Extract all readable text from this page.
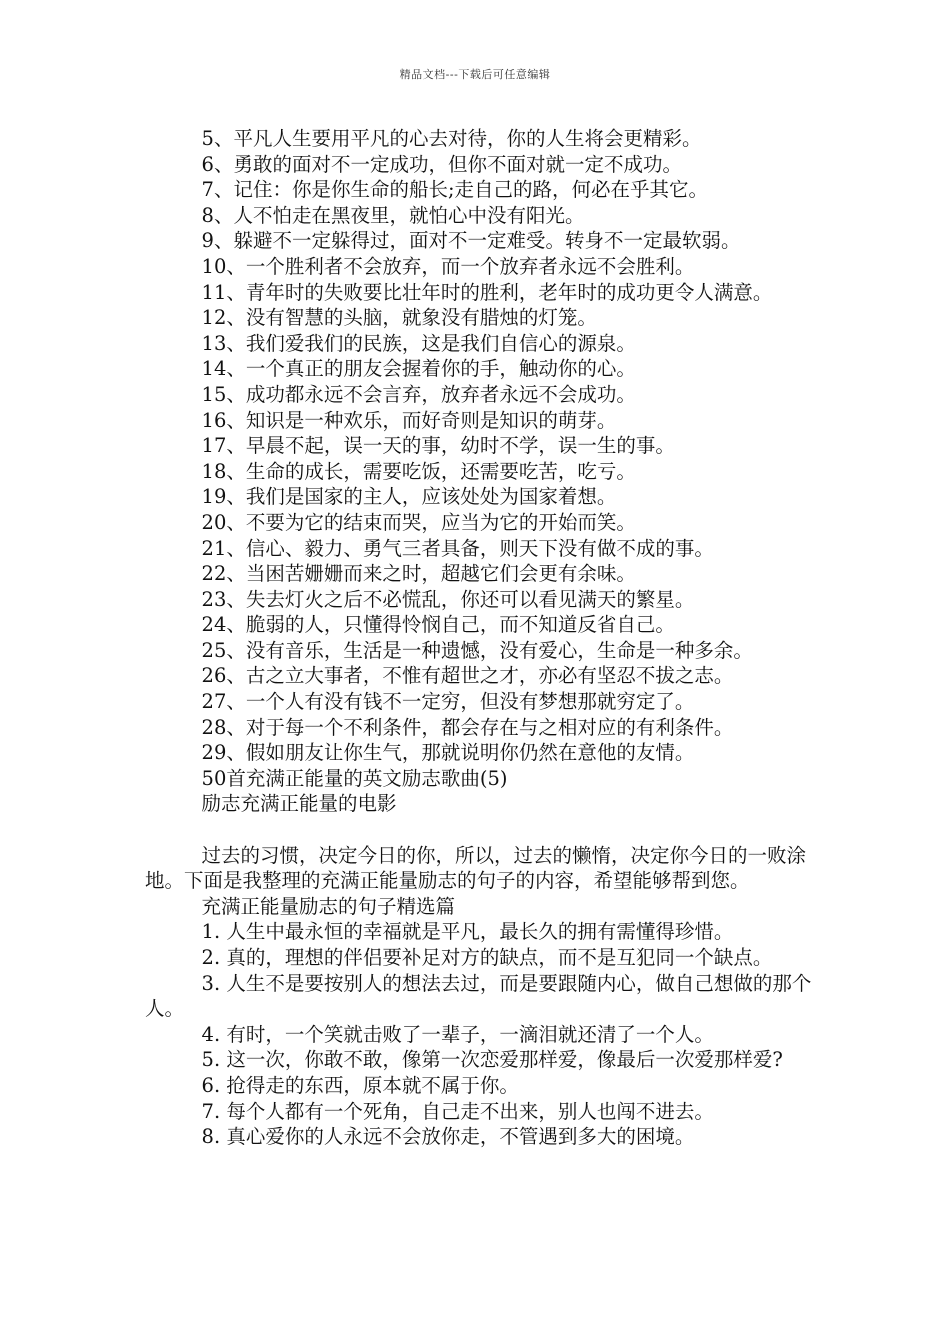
精品文档---下载后可任意编辑

5、平凡人生要用平凡的心去对待，你的人生将会更精彩。

6、勇敢的面对不一定成功，但你不面对就一定不成功。

7、记住：你是你生命的船长;走自己的路，何必在乎其它。

8、人不怕走在黑夜里，就怕心中没有阳光。

9、躲避不一定躲得过，面对不一定难受。转身不一定最软弱。

10、一个胜利者不会放弃，而一个放弃者永远不会胜利。

11、青年时的失败要比壮年时的胜利，老年时的成功更令人满意。

12、没有智慧的头脑，就象没有腊烛的灯笼。

13、我们爱我们的民族，这是我们自信心的源泉。

14、一个真正的朋友会握着你的手，触动你的心。

15、成功都永远不会言弃，放弃者永远不会成功。

16、知识是一种欢乐，而好奇则是知识的萌芽。

17、早晨不起，误一天的事，幼时不学，误一生的事。

18、生命的成长，需要吃饭，还需要吃苦，吃亏。

19、我们是国家的主人，应该处处为国家着想。

20、不要为它的结束而哭，应当为它的开始而笑。

21、信心、毅力、勇气三者具备，则天下没有做不成的事。

22、当困苦姗姗而来之时，超越它们会更有余味。

23、失去灯火之后不必慌乱，你还可以看见满天的繁星。

24、脆弱的人，只懂得怜悯自己，而不知道反省自己。

25、没有音乐，生活是一种遗憾，没有爱心，生命是一种多余。

26、古之立大事者，不惟有超世之才，亦必有坚忍不拔之志。

27、一个人有没有钱不一定穷，但没有梦想那就穷定了。

28、对于每一个不利条件，都会存在与之相对应的有利条件。

29、假如朋友让你生气，那就说明你仍然在意他的友情。

50首充满正能量的英文励志歌曲(5)

励志充满正能量的电影

过去的习惯，决定今日的你，所以，过去的懒惰，决定你今日的一败涂地。下面是我整理的充满正能量励志的句子的内容，希望能够帮到您。

充满正能量励志的句子精选篇

1. 人生中最永恒的幸福就是平凡，最长久的拥有需懂得珍惜。

2. 真的，理想的伴侣要补足对方的缺点，而不是互犯同一个缺点。

3. 人生不是要按别人的想法去过，而是要跟随内心，做自己想做的那个人。

4. 有时，一个笑就击败了一辈子，一滴泪就还清了一个人。

5. 这一次，你敢不敢，像第一次恋爱那样爱，像最后一次爱那样爱?

6. 抢得走的东西，原本就不属于你。

7. 每个人都有一个死角，自己走不出来，别人也闯不进去。

8. 真心爱你的人永远不会放你走，不管遇到多大的困境。
